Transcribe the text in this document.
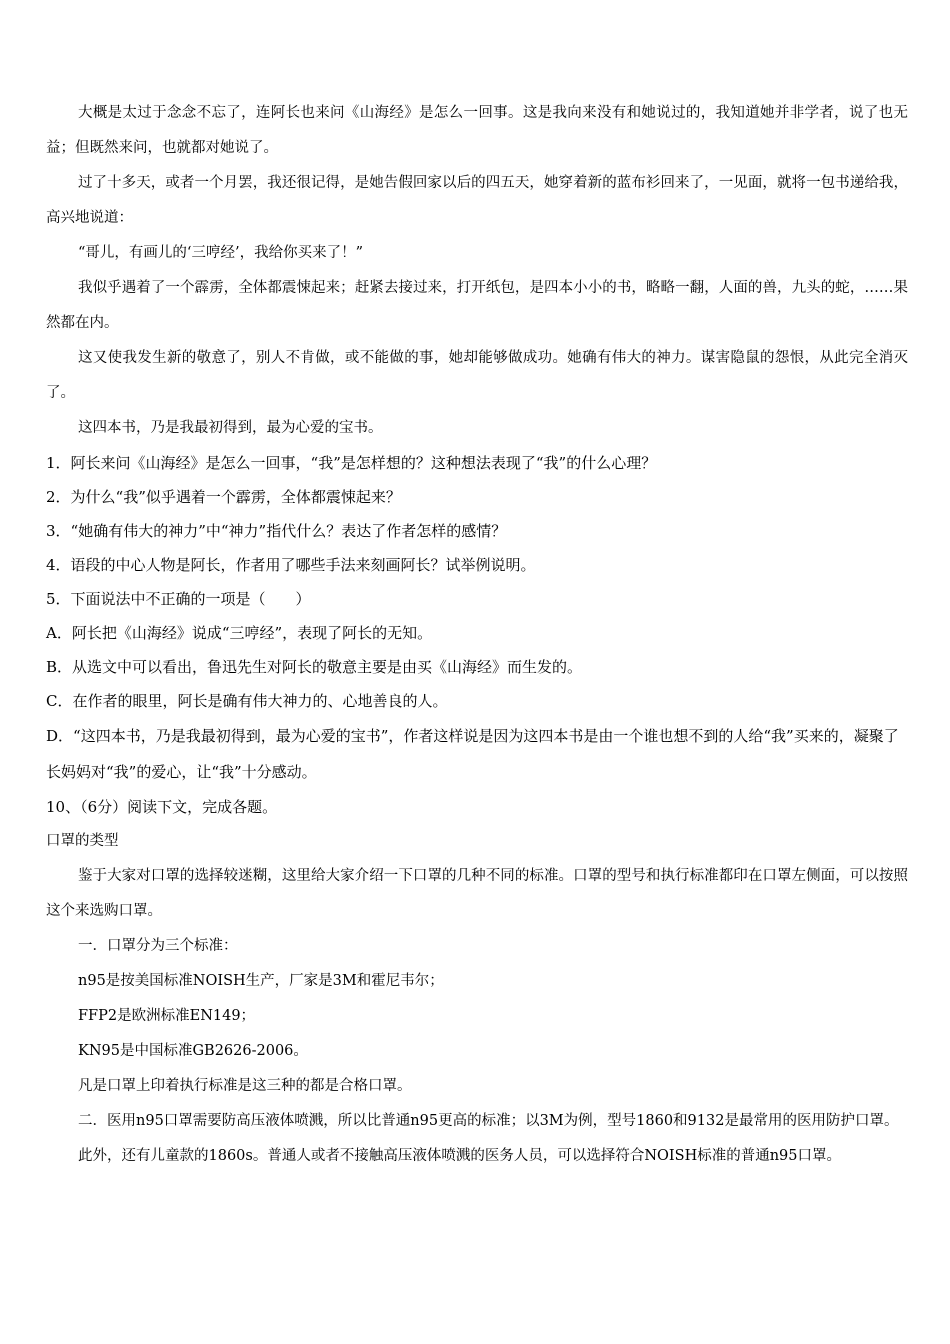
大概是太过于念念不忘了，连阿长也来问《山海经》是怎么一回事。这是我向来没有和她说过的，我知道她并非学者，说了也无益；但既然来问，也就都对她说了。

过了十多天，或者一个月罢，我还很记得，是她告假回家以后的四五天，她穿着新的蓝布衫回来了，一见面，就将一包书递给我，高兴地说道：

“哥儿，有画儿的‘三哼经’，我给你买来了！”

我似乎遇着了一个霹雳，全体都震悚起来；赶紧去接过来，打开纸包，是四本小小的书，略略一翻，人面的兽，九头的蛇，……果然都在内。

这又使我发生新的敬意了，别人不肯做，或不能做的事，她却能够做成功。她确有伟大的神力。谋害隐鼠的怨恨，从此完全消灭了。

这四本书，乃是我最初得到，最为心爱的宝书。

1．阿长来问《山海经》是怎么一回事，“我”是怎样想的？这种想法表现了“我”的什么心理？

2．为什么“我”似乎遇着一个霹雳，全体都震悚起来？

3．“她确有伟大的神力”中“神力”指代什么？表达了作者怎样的感情？

4．语段的中心人物是阿长，作者用了哪些手法来刻画阿长？试举例说明。

5．下面说法中不正确的一项是（　　）

A．阿长把《山海经》说成“三哼经”，表现了阿长的无知。

B．从选文中可以看出，鲁迅先生对阿长的敬意主要是由买《山海经》而生发的。

C．在作者的眼里，阿长是确有伟大神力的、心地善良的人。

D．“这四本书，乃是我最初得到，最为心爱的宝书”，作者这样说是因为这四本书是由一个谁也想不到的人给“我”买来的，凝聚了长妈妈对“我”的爱心，让“我”十分感动。

10、（6分）阅读下文，完成各题。

口罩的类型

鉴于大家对口罩的选择较迷糊，这里给大家介绍一下口罩的几种不同的标准。口罩的型号和执行标准都印在口罩左侧面，可以按照这个来选购口罩。

一．口罩分为三个标准：

n95是按美国标准NOISH生产，厂家是3M和霍尼韦尔；

FFP2是欧洲标准EN149；

KN95是中国标准GB2626-2006。

凡是口罩上印着执行标准是这三种的都是合格口罩。

二．医用n95口罩需要防高压液体喷溅，所以比普通n95更高的标准；以3M为例，型号1860和9132是最常用的医用防护口罩。

此外，还有儿童款的1860s。普通人或者不接触高压液体喷溅的医务人员，可以选择符合NOISH标准的普通n95口罩。
